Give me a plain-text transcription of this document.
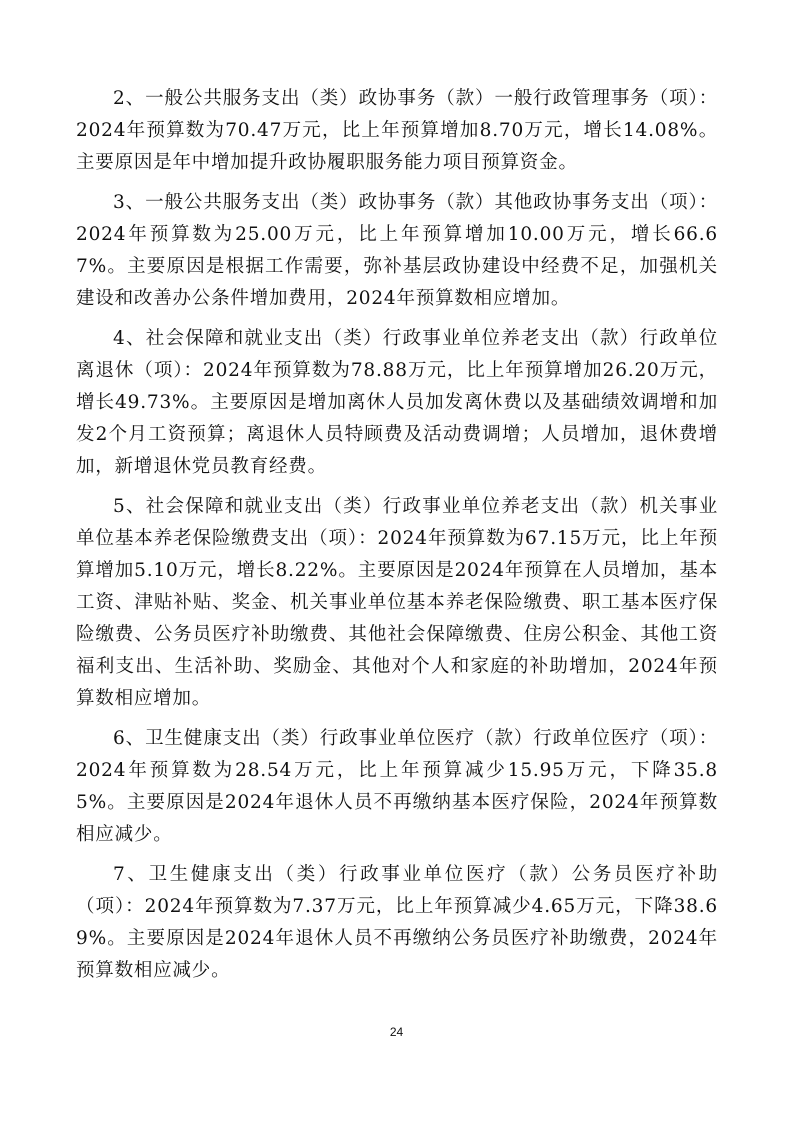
2、一般公共服务支出（类）政协事务（款）一般行政管理事务（项）：2024年预算数为70.47万元，比上年预算增加8.70万元，增长14.08%。主要原因是年中增加提升政协履职服务能力项目预算资金。

3、一般公共服务支出（类）政协事务（款）其他政协事务支出（项）：2024年预算数为25.00万元，比上年预算增加10.00万元，增长66.67%。主要原因是根据工作需要，弥补基层政协建设中经费不足，加强机关建设和改善办公条件增加费用，2024年预算数相应增加。

4、社会保障和就业支出（类）行政事业单位养老支出（款）行政单位离退休（项）：2024年预算数为78.88万元，比上年预算增加26.20万元，增长49.73%。主要原因是增加离休人员加发离休费以及基础绩效调增和加发2个月工资预算；离退休人员特顾费及活动费调增；人员增加，退休费增加，新增退休党员教育经费。

5、社会保障和就业支出（类）行政事业单位养老支出（款）机关事业单位基本养老保险缴费支出（项）：2024年预算数为67.15万元，比上年预算增加5.10万元，增长8.22%。主要原因是2024年预算在人员增加，基本工资、津贴补贴、奖金、机关事业单位基本养老保险缴费、职工基本医疗保险缴费、公务员医疗补助缴费、其他社会保障缴费、住房公积金、其他工资福利支出、生活补助、奖励金、其他对个人和家庭的补助增加，2024年预算数相应增加。

6、卫生健康支出（类）行政事业单位医疗（款）行政单位医疗（项）：2024年预算数为28.54万元，比上年预算减少15.95万元，下降35.85%。主要原因是2024年退休人员不再缴纳基本医疗保险，2024年预算数相应减少。

7、卫生健康支出（类）行政事业单位医疗（款）公务员医疗补助（项）：2024年预算数为7.37万元，比上年预算减少4.65万元，下降38.69%。主要原因是2024年退休人员不再缴纳公务员医疗补助缴费，2024年预算数相应减少。

24
